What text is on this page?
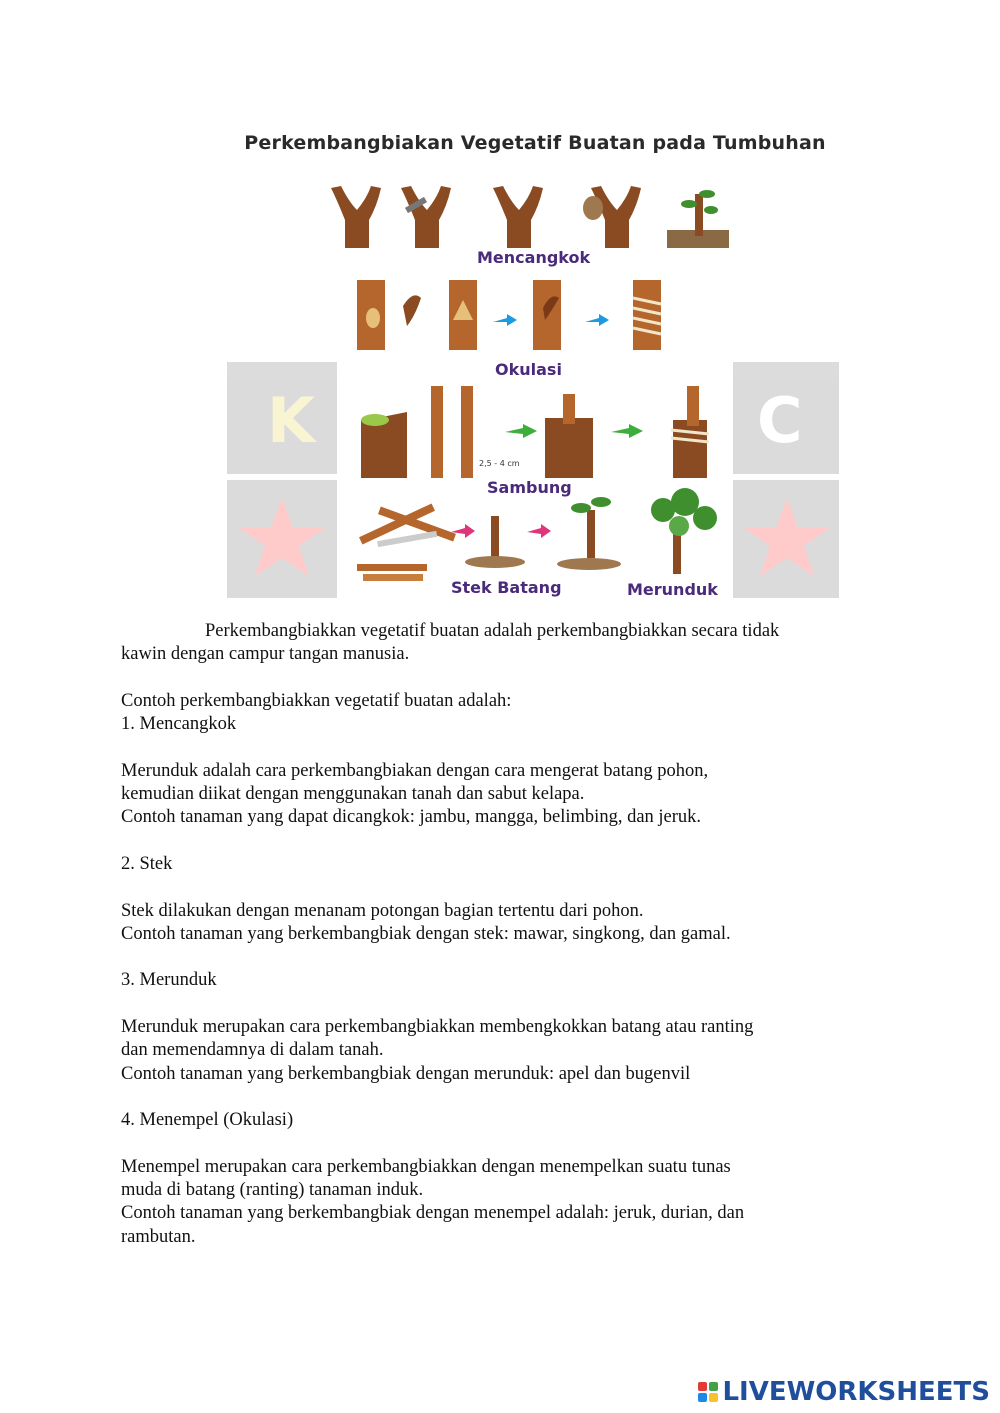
Perkembangbiakan Vegetatif Buatan pada Tumbuhan
K	C
2,5 - 4 cm
Mencangkok
Okulasi
Sambung
Stek Batang	Merunduk

Perkembangbiakkan vegetatif buatan adalah perkembangbiakkan secara tidak

kawin dengan campur tangan manusia.

Contoh perkembangbiakkan vegetatif buatan adalah:

1. Mencangkok

Merunduk adalah cara perkembangbiakan dengan cara mengerat batang pohon,

kemudian diikat dengan menggunakan tanah dan sabut kelapa.

Contoh tanaman yang dapat dicangkok: jambu, mangga, belimbing, dan jeruk.

2. Stek

Stek dilakukan dengan menanam potongan bagian tertentu dari pohon.

Contoh tanaman yang berkembangbiak dengan stek: mawar, singkong, dan gamal.

3. Merunduk

Merunduk merupakan cara perkembangbiakkan membengkokkan batang atau ranting

dan memendamnya di dalam tanah.

Contoh tanaman yang berkembangbiak dengan merunduk: apel dan bugenvil

4. Menempel (Okulasi)

Menempel merupakan cara perkembangbiakkan dengan menempelkan suatu tunas

muda di batang (ranting) tanaman induk.

Contoh tanaman yang berkembangbiak dengan menempel adalah: jeruk, durian, dan

rambutan.

LIVEWORKSHEETS
